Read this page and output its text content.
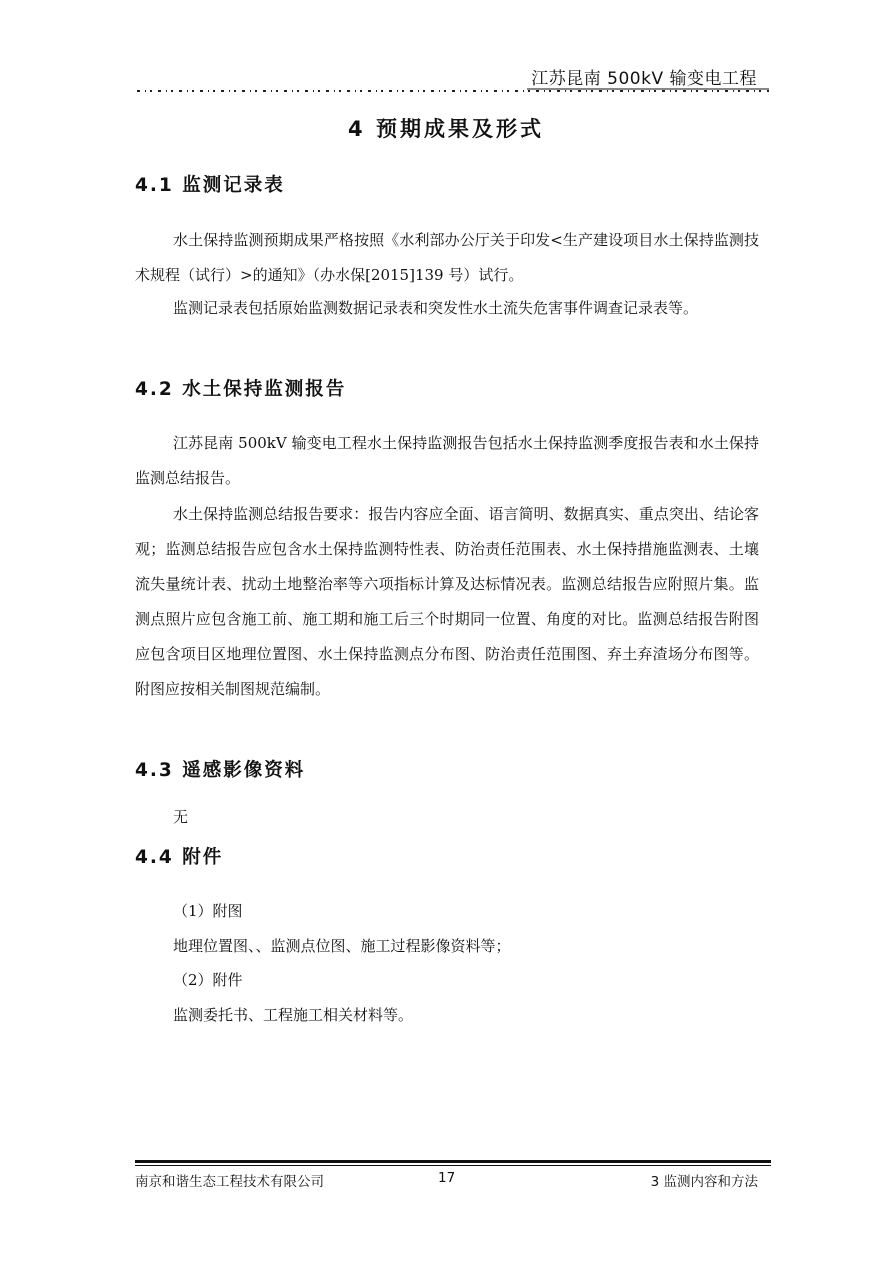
江苏昆南 500kV 输变电工程
4 预期成果及形式
4.1 监测记录表

水土保持监测预期成果严格按照《水利部办公厅关于印发<生产建设项目水土保持监测技术规程（试行）>的通知》（办水保[2015]139 号）试行。

监测记录表包括原始监测数据记录表和突发性水土流失危害事件调查记录表等。

4.2 水土保持监测报告

江苏昆南 500kV 输变电工程水土保持监测报告包括水土保持监测季度报告表和水土保持监测总结报告。

水土保持监测总结报告要求：报告内容应全面、语言简明、数据真实、重点突出、结论客观；监测总结报告应包含水土保持监测特性表、防治责任范围表、水土保持措施监测表、土壤流失量统计表、扰动土地整治率等六项指标计算及达标情况表。监测总结报告应附照片集。监测点照片应包含施工前、施工期和施工后三个时期同一位置、角度的对比。监测总结报告附图应包含项目区地理位置图、水土保持监测点分布图、防治责任范围图、弃土弃渣场分布图等。附图应按相关制图规范编制。

4.3 遥感影像资料
无
4.4 附件
（1）附图
地理位置图、、监测点位图、施工过程影像资料等；
（2）附件
监测委托书、工程施工相关材料等。
南京和谐生态工程技术有限公司	17	3 监测内容和方法
